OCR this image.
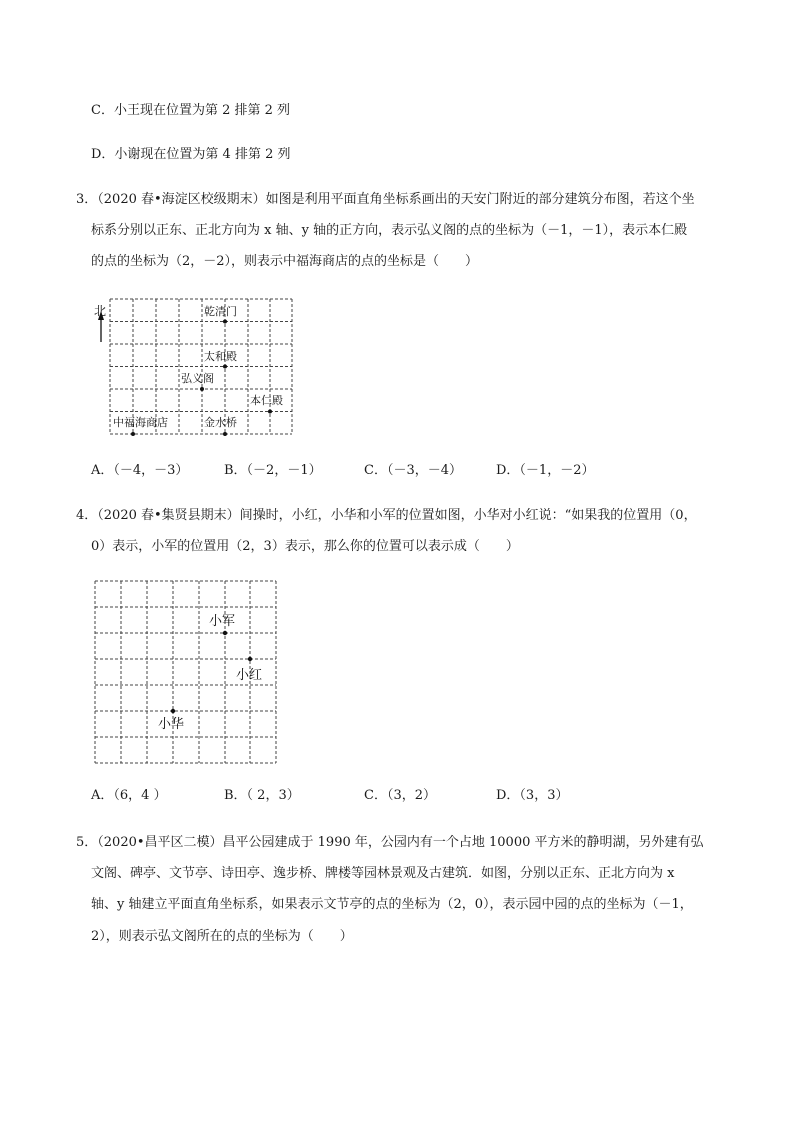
C．小王现在位置为第 2 排第 2 列
D．小谢现在位置为第 4 排第 2 列
3．（2020 春•海淀区校级期末）如图是利用平面直角坐标系画出的天安门附近的部分建筑分布图，若这个坐
标系分别以正东、正北方向为 x 轴、y 轴的正方向，表示弘义阁的点的坐标为（－1，－1），表示本仁殿
的点的坐标为（2，－2），则表示中福海商店的点的坐标是（　　）
北	乾清门
太和殿
弘义阁
本仁殿
中福海商店	金水桥
A．（－4，－3）	B．（－2，－1）	C．（－3，－4）	D．（－1，－2）
4．（2020 春•集贤县期末）间操时，小红，小华和小军的位置如图，小华对小红说：“如果我的位置用（0，
0）表示，小军的位置用（2，3）表示，那么你的位置可以表示成（　　）
小军
小红
小华
A．（6，4 ）	B．（ 2，3）	C．（3，2）	D．（3，3）
5．（2020•昌平区二模）昌平公园建成于 1990 年，公园内有一个占地 10000 平方米的静明湖，另外建有弘
文阁、碑亭、文节亭、诗田亭、逸步桥、牌楼等园林景观及古建筑．如图，分别以正东、正北方向为 x
轴、y 轴建立平面直角坐标系，如果表示文节亭的点的坐标为（2，0），表示园中园的点的坐标为（－1，
2），则表示弘文阁所在的点的坐标为（　　）
